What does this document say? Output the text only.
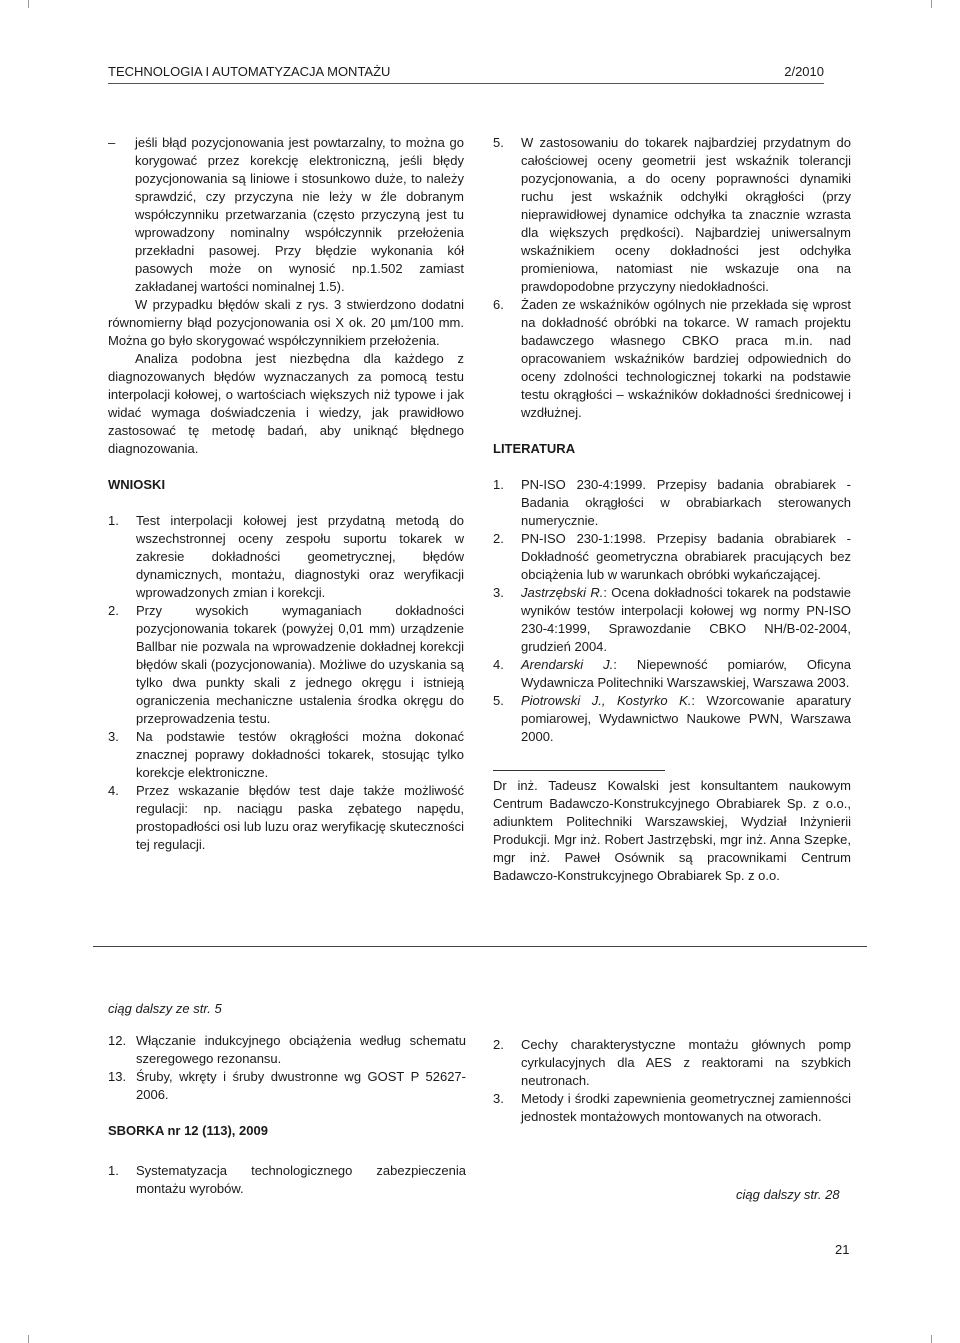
TECHNOLOGIA I AUTOMATYZACJA MONTAŻU	2/2010
– jeśli błąd pozycjonowania jest powtarzalny, to można go korygować przez korekcję elektroniczną, jeśli błędy pozycjonowania są liniowe i stosunkowo duże, to należy sprawdzić, czy przyczyna nie leży w źle dobranym współczynniku przetwarzania (często przyczyną jest tu wprowadzony nominalny współczynnik przełożenia przekładni pasowej. Przy błędzie wykonania kół pasowych może on wynosić np.1.502 zamiast zakładanej wartości nominalnej 1.5).

W przypadku błędów skali z rys. 3 stwierdzono dodatni równomierny błąd pozycjonowania osi X ok. 20 µm/100 mm. Można go było skorygować współczynnikiem przełożenia.

Analiza podobna jest niezbędna dla każdego z diagnozowanych błędów wyznaczanych za pomocą testu interpolacji kołowej, o wartościach większych niż typowe i jak widać wymaga doświadczenia i wiedzy, jak prawidłowo zastosować tę metodę badań, aby uniknąć błędnego diagnozowania.

WNIOSKI

1. Test interpolacji kołowej jest przydatną metodą do wszechstronnej oceny zespołu suportu tokarek w zakresie dokładności geometrycznej, błędów dynamicznych, montażu, diagnostyki oraz weryfikacji wprowadzonych zmian i korekcji.
2. Przy wysokich wymaganiach dokładności pozycjonowania tokarek (powyżej 0,01 mm) urządzenie Ballbar nie pozwala na wprowadzenie dokładnej korekcji błędów skali (pozycjonowania). Możliwe do uzyskania są tylko dwa punkty skali z jednego okręgu i istnieją ograniczenia mechaniczne ustalenia środka okręgu do przeprowadzenia testu.
3. Na podstawie testów okrągłości można dokonać znacznej poprawy dokładności tokarek, stosując tylko korekcje elektroniczne.
4. Przez wskazanie błędów test daje także możliwość regulacji: np. naciągu paska zębatego napędu, prostopadłości osi lub luzu oraz weryfikację skuteczności tej regulacji.
5. W zastosowaniu do tokarek najbardziej przydatnym do całościowej oceny geometrii jest wskaźnik tolerancji pozycjonowania, a do oceny poprawności dynamiki ruchu jest wskaźnik odchyłki okrągłości (przy nieprawidłowej dynamice odchyłka ta znacznie wzrasta dla większych prędkości). Najbardziej uniwersalnym wskaźnikiem oceny dokładności jest odchyłka promieniowa, natomiast nie wskazuje ona na prawdopodobne przyczyny niedokładności.
6. Żaden ze wskaźników ogólnych nie przekłada się wprost na dokładność obróbki na tokarce. W ramach projektu badawczego własnego CBKO praca m.in. nad opracowaniem wskaźników bardziej odpowiednich do oceny zdolności technologicznej tokarki na podstawie testu okrągłości – wskaźników dokładności średnicowej i wzdłużnej.

LITERATURA

1. PN-ISO 230-4:1999. Przepisy badania obrabiarek - Badania okrągłości w obrabiarkach sterowanych numerycznie.
2. PN-ISO 230-1:1998. Przepisy badania obrabiarek - Dokładność geometryczna obrabiarek pracujących bez obciążenia lub w warunkach obróbki wykańczającej.
3. Jastrzębski R.: Ocena dokładności tokarek na podstawie wyników testów interpolacji kołowej wg normy PN-ISO 230-4:1999, Sprawozdanie CBKO NH/B-02-2004, grudzień 2004.
4. Arendarski J.: Niepewność pomiarów, Oficyna Wydawnicza Politechniki Warszawskiej, Warszawa 2003.
5. Piotrowski J., Kostyrko K.: Wzorcowanie aparatury pomiarowej, Wydawnictwo Naukowe PWN, Warszawa 2000.

Dr inż. Tadeusz Kowalski jest konsultantem naukowym Centrum Badawczo-Konstrukcyjnego Obrabiarek Sp. z o.o., adiunktem Politechniki Warszawskiej, Wydział Inżynierii Produkcji. Mgr inż. Robert Jastrzębski, mgr inż. Anna Szepke, mgr inż. Paweł Osównik są pracownikami Centrum Badawczo-Konstrukcyjnego Obrabiarek Sp. z o.o.

ciąg dalszy ze str. 5
12. Włączanie indukcyjnego obciążenia według schematu szeregowego rezonansu.
13. Śruby, wkręty i śruby dwustronne wg GOST P 52627-2006.

SBORKA nr 12 (113), 2009

1. Systematyzacja technologicznego zabezpieczenia montażu wyrobów.
2. Cechy charakterystyczne montażu głównych pomp cyrkulacyjnych dla AES z reaktorami na szybkich neutronach.
3. Metody i środki zapewnienia geometrycznej zamienności jednostek montażowych montowanych na otworach.
ciąg dalszy str. 28
21
